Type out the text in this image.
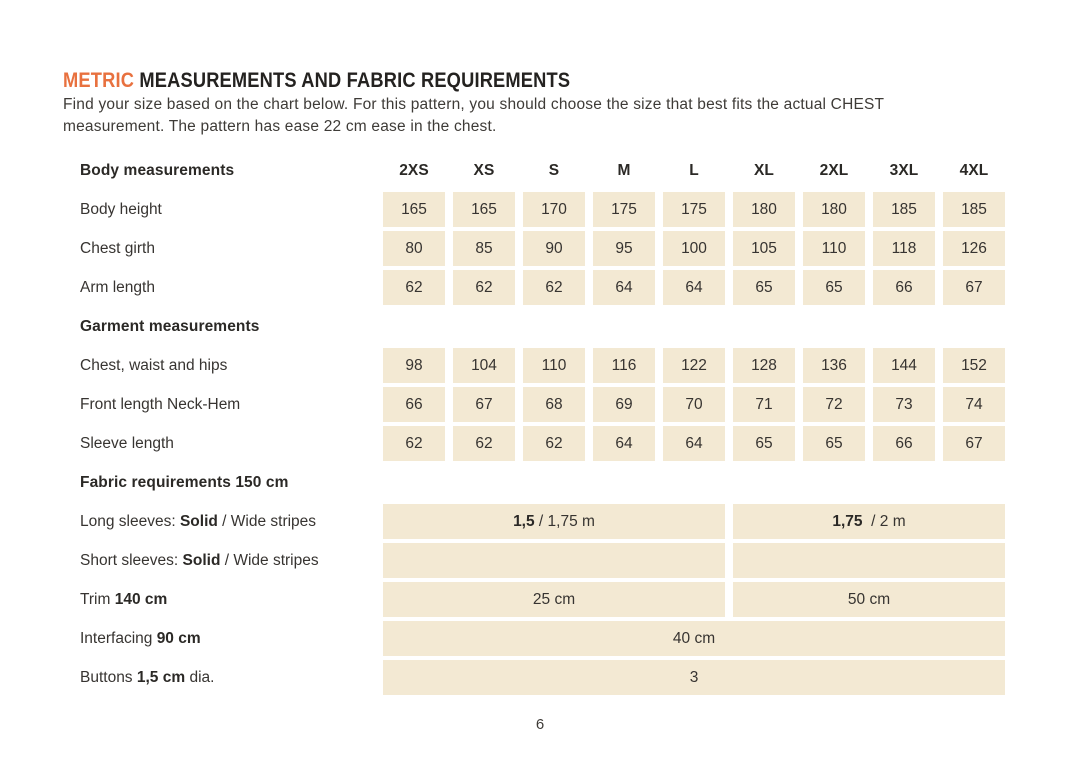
METRIC MEASUREMENTS AND FABRIC REQUIREMENTS

Find your size based on the chart below. For this pattern, you should choose the size that best fits the actual CHEST
measurement. The pattern has ease 22 cm ease in the chest.

Body measurements	2XS	XS	S	M	L	XL	2XL	3XL	4XL
Body height	165	165	170	175	175	180	180	185	185
Chest girth	80	85	90	95	100	105	110	118	126
Arm length	62	62	62	64	64	65	65	66	67
Garment measurements
Chest, waist and hips	98	104	110	116	122	128	136	144	152
Front length Neck-Hem	66	67	68	69	70	71	72	73	74
Sleeve length	62	62	62	64	64	65	65	66	67
Fabric requirements 150 cm
Long sleeves: Solid / Wide stripes	1,5 / 1,75 m	1,75 / 2 m
Short sleeves: Solid / Wide stripes
Trim 140 cm	25 cm	50 cm
Interfacing 90 cm	40 cm
Buttons 1,5 cm dia.	3
6
